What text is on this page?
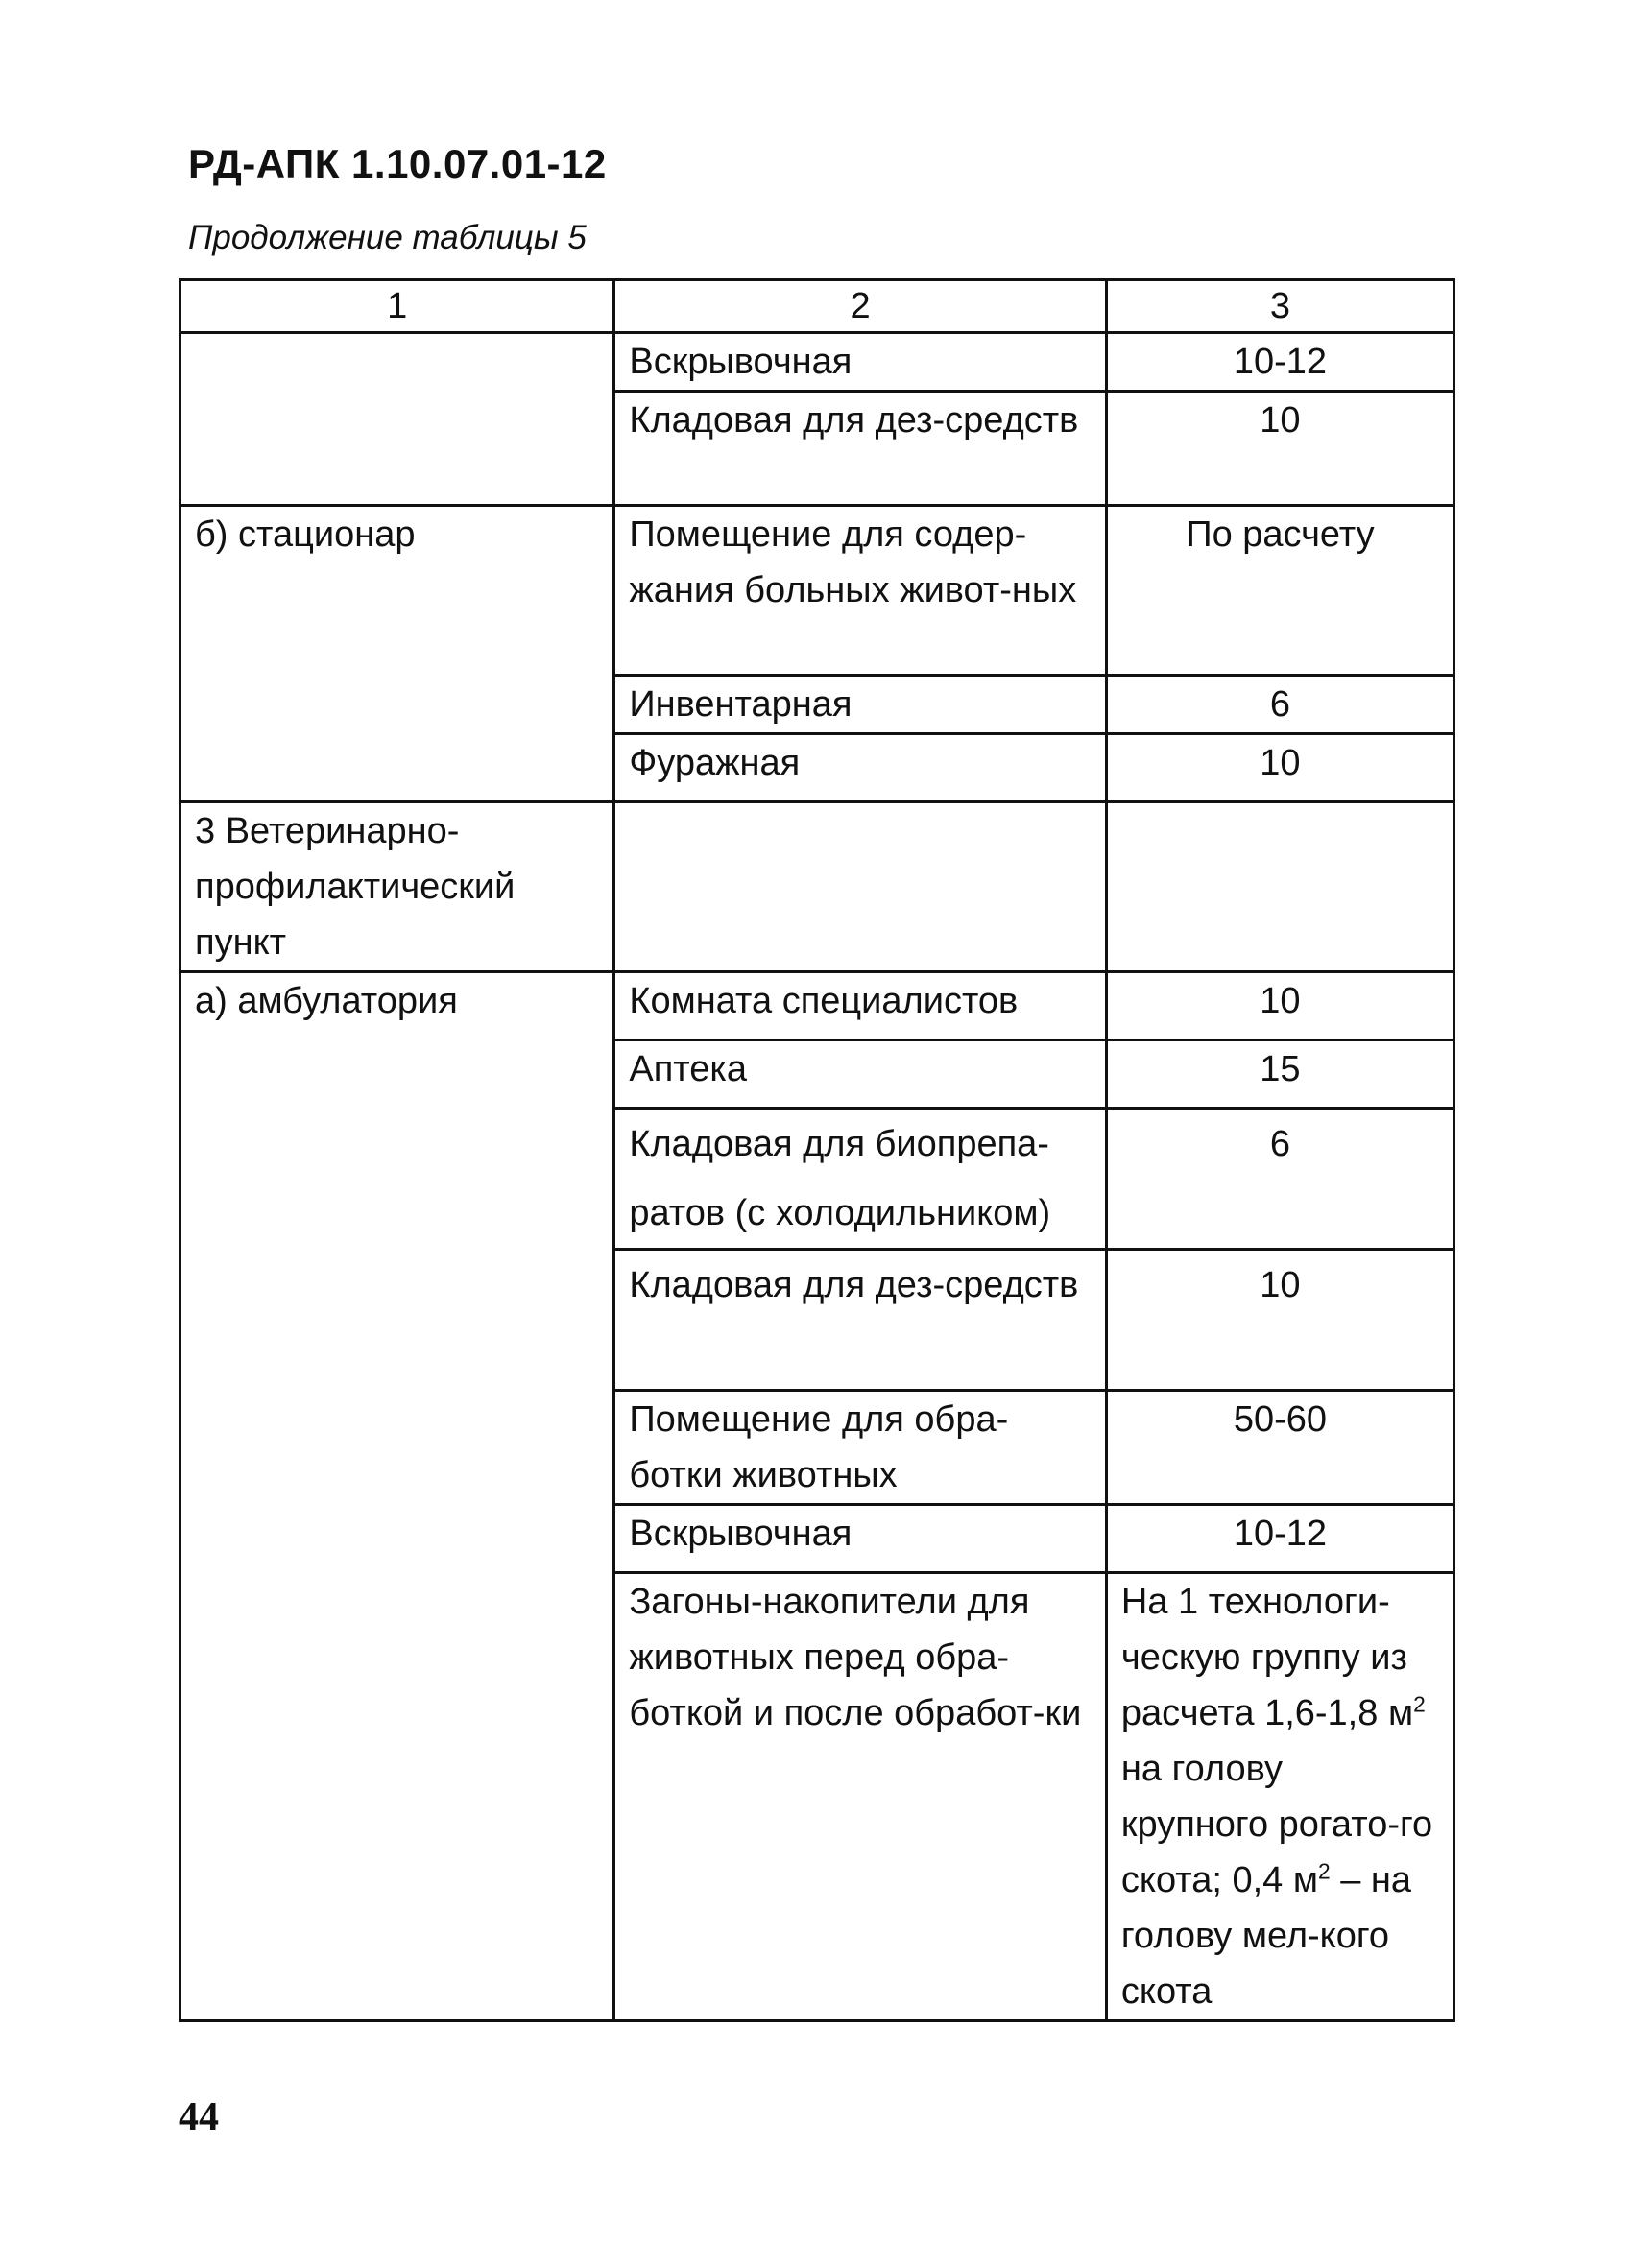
РД-АПК 1.10.07.01-12
Продолжение таблицы 5
1	2	3
	Вскрывочная	10-12
	Кладовая для дез-средств	10
б) стационар	Помещение для содер-жания больных живот-ных	По расчету
	Инвентарная	6
	Фуражная	10
3 Ветеринарно-профилактический пункт		
а) амбулатория	Комната специалистов	10
	Аптека	15
	Кладовая для биопрепа-ратов (с холодильником)	6
	Кладовая для дез-средств	10
	Помещение для обра-ботки животных	50-60
	Вскрывочная	10-12
	Загоны-накопители для животных перед обра-боткой и после обработ-ки	На 1 технологи-ческую группу из расчета 1,6-1,8 $м^2$ на голову крупного рогато-го скота; 0,4 $м^2$ – на голову мел-кого скота
44
